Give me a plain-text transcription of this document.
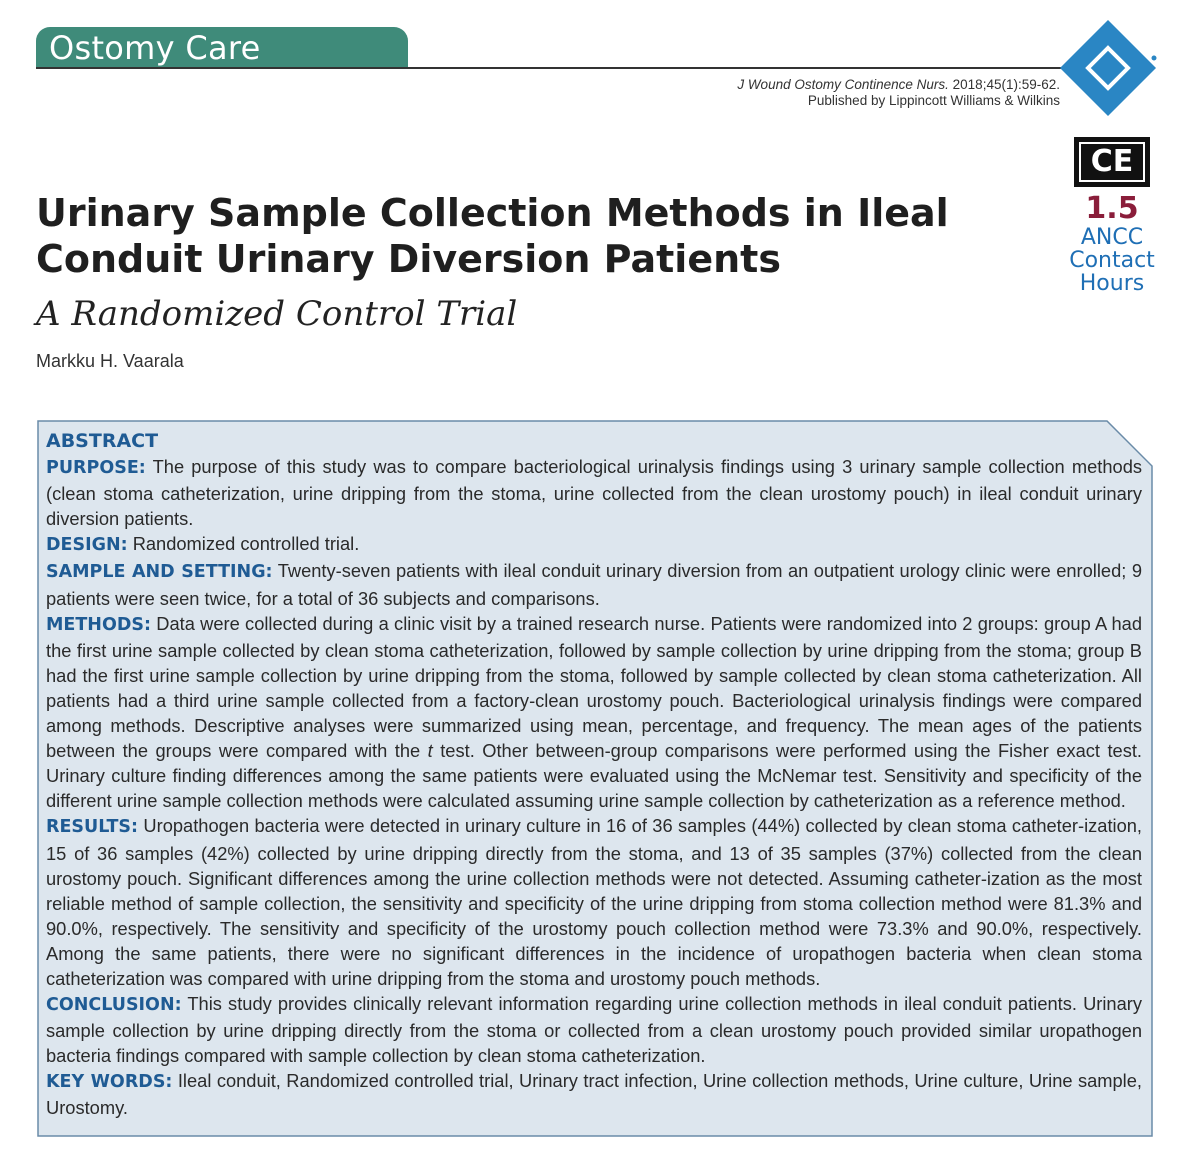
Ostomy Care
J Wound Ostomy Continence Nurs. 2018;45(1):59-62.
Published by Lippincott Williams & Wilkins
CE
1.5
ANCC
Contact
Hours
Urinary Sample Collection Methods in Ileal
Conduit Urinary Diversion Patients
A Randomized Control Trial
Markku H. Vaarala
ABSTRACT

PURPOSE: The purpose of this study was to compare bacteriological urinalysis findings using 3 urinary sample collection methods (clean stoma catheterization, urine dripping from the stoma, urine collected from the clean urostomy pouch) in ileal conduit urinary diversion patients.

DESIGN: Randomized controlled trial.

SAMPLE AND SETTING: Twenty-seven patients with ileal conduit urinary diversion from an outpatient urology clinic were enrolled; 9 patients were seen twice, for a total of 36 subjects and comparisons.

METHODS: Data were collected during a clinic visit by a trained research nurse. Patients were randomized into 2 groups: group A had the first urine sample collected by clean stoma catheterization, followed by sample collection by urine dripping from the stoma; group B had the first urine sample collection by urine dripping from the stoma, followed by sample collected by clean stoma catheterization. All patients had a third urine sample collected from a factory-clean urostomy pouch. Bacteriological urinalysis findings were compared among methods. Descriptive analyses were summarized using mean, percentage, and frequency. The mean ages of the patients between the groups were compared with the t test. Other between-group comparisons were performed using the Fisher exact test. Urinary culture finding differences among the same patients were evaluated using the McNemar test. Sensitivity and specificity of the different urine sample collection methods were calculated assuming urine sample collection by catheterization as a reference method.

RESULTS: Uropathogen bacteria were detected in urinary culture in 16 of 36 samples (44%) collected by clean stoma catheter-ization, 15 of 36 samples (42%) collected by urine dripping directly from the stoma, and 13 of 35 samples (37%) collected from the clean urostomy pouch. Significant differences among the urine collection methods were not detected. Assuming catheter-ization as the most reliable method of sample collection, the sensitivity and specificity of the urine dripping from stoma collection method were 81.3% and 90.0%, respectively. The sensitivity and specificity of the urostomy pouch collection method were 73.3% and 90.0%, respectively. Among the same patients, there were no significant differences in the incidence of uropathogen bacteria when clean stoma catheterization was compared with urine dripping from the stoma and urostomy pouch methods.

CONCLUSION: This study provides clinically relevant information regarding urine collection methods in ileal conduit patients. Urinary sample collection by urine dripping directly from the stoma or collected from a clean urostomy pouch provided similar uropathogen bacteria findings compared with sample collection by clean stoma catheterization.

KEY WORDS: Ileal conduit, Randomized controlled trial, Urinary tract infection, Urine collection methods, Urine culture, Urine sample, Urostomy.
